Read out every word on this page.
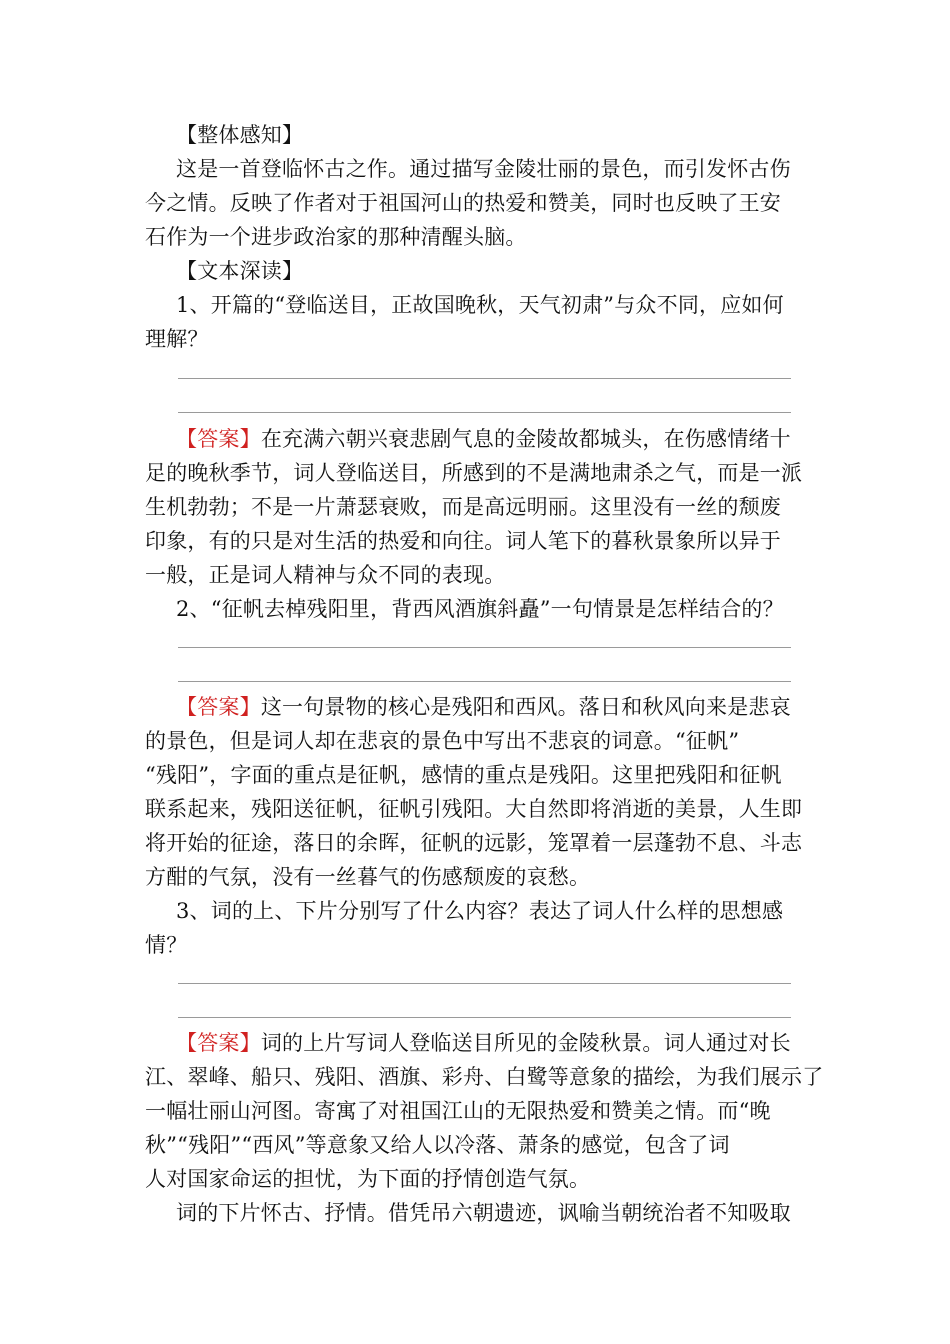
【整体感知】
这是一首登临怀古之作。通过描写金陵壮丽的景色，而引发怀古伤
今之情。反映了作者对于祖国河山的热爱和赞美，同时也反映了王安
石作为一个进步政治家的那种清醒头脑。
【文本深读】
1、开篇的“登临送目，正故国晚秋，天气初肃”与众不同，应如何
理解？
【答案】在充满六朝兴衰悲剧气息的金陵故都城头，在伤感情绪十
足的晚秋季节，词人登临送目，所感到的不是满地肃杀之气，而是一派
生机勃勃；不是一片萧瑟衰败，而是高远明丽。这里没有一丝的颓废
印象，有的只是对生活的热爱和向往。词人笔下的暮秋景象所以异于
一般，正是词人精神与众不同的表现。
2、“征帆去棹残阳里，背西风酒旗斜矗”一句情景是怎样结合的？
【答案】这一句景物的核心是残阳和西风。落日和秋风向来是悲哀
的景色，但是词人却在悲哀的景色中写出不悲哀的词意。“征帆”
“残阳”，字面的重点是征帆，感情的重点是残阳。这里把残阳和征帆
联系起来，残阳送征帆，征帆引残阳。大自然即将消逝的美景，人生即
将开始的征途，落日的余晖，征帆的远影，笼罩着一层蓬勃不息、斗志
方酣的气氛，没有一丝暮气的伤感颓废的哀愁。
3、词的上、下片分别写了什么内容？表达了词人什么样的思想感
情？
【答案】词的上片写词人登临送目所见的金陵秋景。词人通过对长
江、翠峰、船只、残阳、酒旗、彩舟、白鹭等意象的描绘，为我们展示了
一幅壮丽山河图。寄寓了对祖国江山的无限热爱和赞美之情。而“晚
秋”“残阳”“西风”等意象又给人以冷落、萧条的感觉，包含了词
人对国家命运的担忧，为下面的抒情创造气氛。
词的下片怀古、抒情。借凭吊六朝遗迹，讽喻当朝统治者不知吸取
